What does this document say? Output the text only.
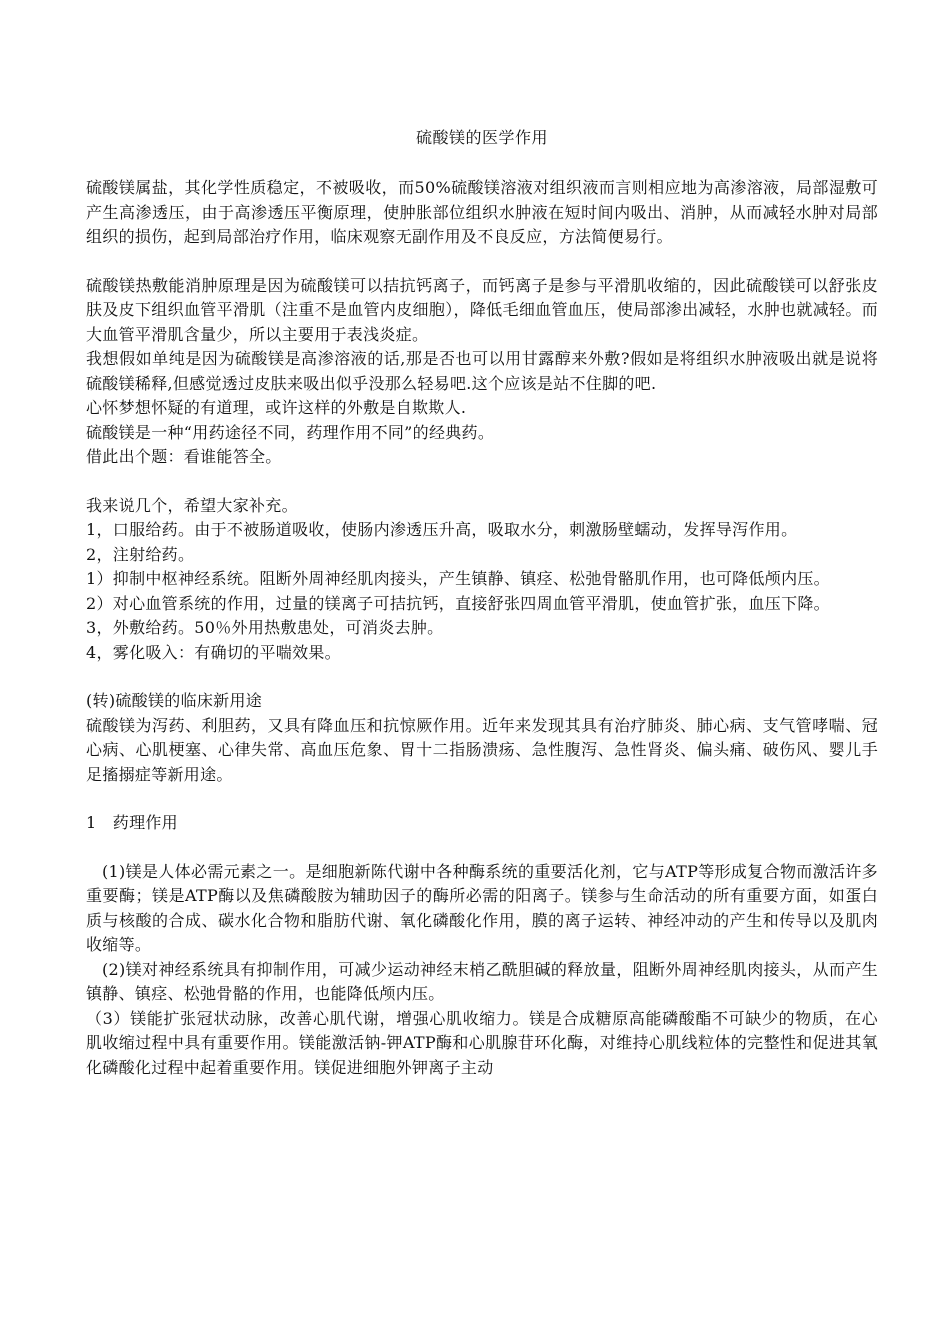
硫酸镁的医学作用

硫酸镁属盐，其化学性质稳定，不被吸收，而50%硫酸镁溶液对组织液而言则相应地为高渗溶液，局部湿敷可产生高渗透压，由于高渗透压平衡原理，使肿胀部位组织水肿液在短时间内吸出、消肿，从而减轻水肿对局部组织的损伤，起到局部治疗作用，临床观察无副作用及不良反应，方法简便易行。

硫酸镁热敷能消肿原理是因为硫酸镁可以拮抗钙离子，而钙离子是参与平滑肌收缩的，因此硫酸镁可以舒张皮肤及皮下组织血管平滑肌（注重不是血管内皮细胞），降低毛细血管血压，使局部渗出减轻，水肿也就减轻。而大血管平滑肌含量少，所以主要用于表浅炎症。

我想假如单纯是因为硫酸镁是高渗溶液的话,那是否也可以用甘露醇来外敷?假如是将组织水肿液吸出就是说将硫酸镁稀释,但感觉透过皮肤来吸出似乎没那么轻易吧.这个应该是站不住脚的吧.

心怀梦想怀疑的有道理，或许这样的外敷是自欺欺人.

硫酸镁是一种“用药途径不同，药理作用不同”的经典药。

借此出个题：看谁能答全。

我来说几个，希望大家补充。

1，口服给药。由于不被肠道吸收，使肠内渗透压升高，吸取水分，刺激肠壁蠕动，发挥导泻作用。

2，注射给药。

1）抑制中枢神经系统。阻断外周神经肌肉接头，产生镇静、镇痉、松弛骨骼肌作用，也可降低颅内压。

2）对心血管系统的作用，过量的镁离子可拮抗钙，直接舒张四周血管平滑肌，使血管扩张，血压下降。

3，外敷给药。50％外用热敷患处，可消炎去肿。

4，雾化吸入：有确切的平喘效果。

(转)硫酸镁的临床新用途

硫酸镁为泻药、利胆药，又具有降血压和抗惊厥作用。近年来发现其具有治疗肺炎、肺心病、支气管哮喘、冠心病、心肌梗塞、心律失常、高血压危象、胃十二指肠溃疡、急性腹泻、急性肾炎、偏头痛、破伤风、婴儿手足搐搦症等新用途。

1　药理作用

(1)镁是人体必需元素之一。是细胞新陈代谢中各种酶系统的重要活化剂，它与ATP等形成复合物而激活许多重要酶；镁是ATP酶以及焦磷酸胺为辅助因子的酶所必需的阳离子。镁参与生命活动的所有重要方面，如蛋白质与核酸的合成、碳水化合物和脂肪代谢、氧化磷酸化作用，膜的离子运转、神经冲动的产生和传导以及肌肉收缩等。

(2)镁对神经系统具有抑制作用，可减少运动神经末梢乙酰胆碱的释放量，阻断外周神经肌肉接头，从而产生镇静、镇痉、松弛骨骼的作用，也能降低颅内压。

（3）镁能扩张冠状动脉，改善心肌代谢，增强心肌收缩力。镁是合成糖原高能磷酸酯不可缺少的物质，在心肌收缩过程中具有重要作用。镁能激活钠-钾ATP酶和心肌腺苷环化酶，对维持心肌线粒体的完整性和促进其氧化磷酸化过程中起着重要作用。镁促进细胞外钾离子主动
